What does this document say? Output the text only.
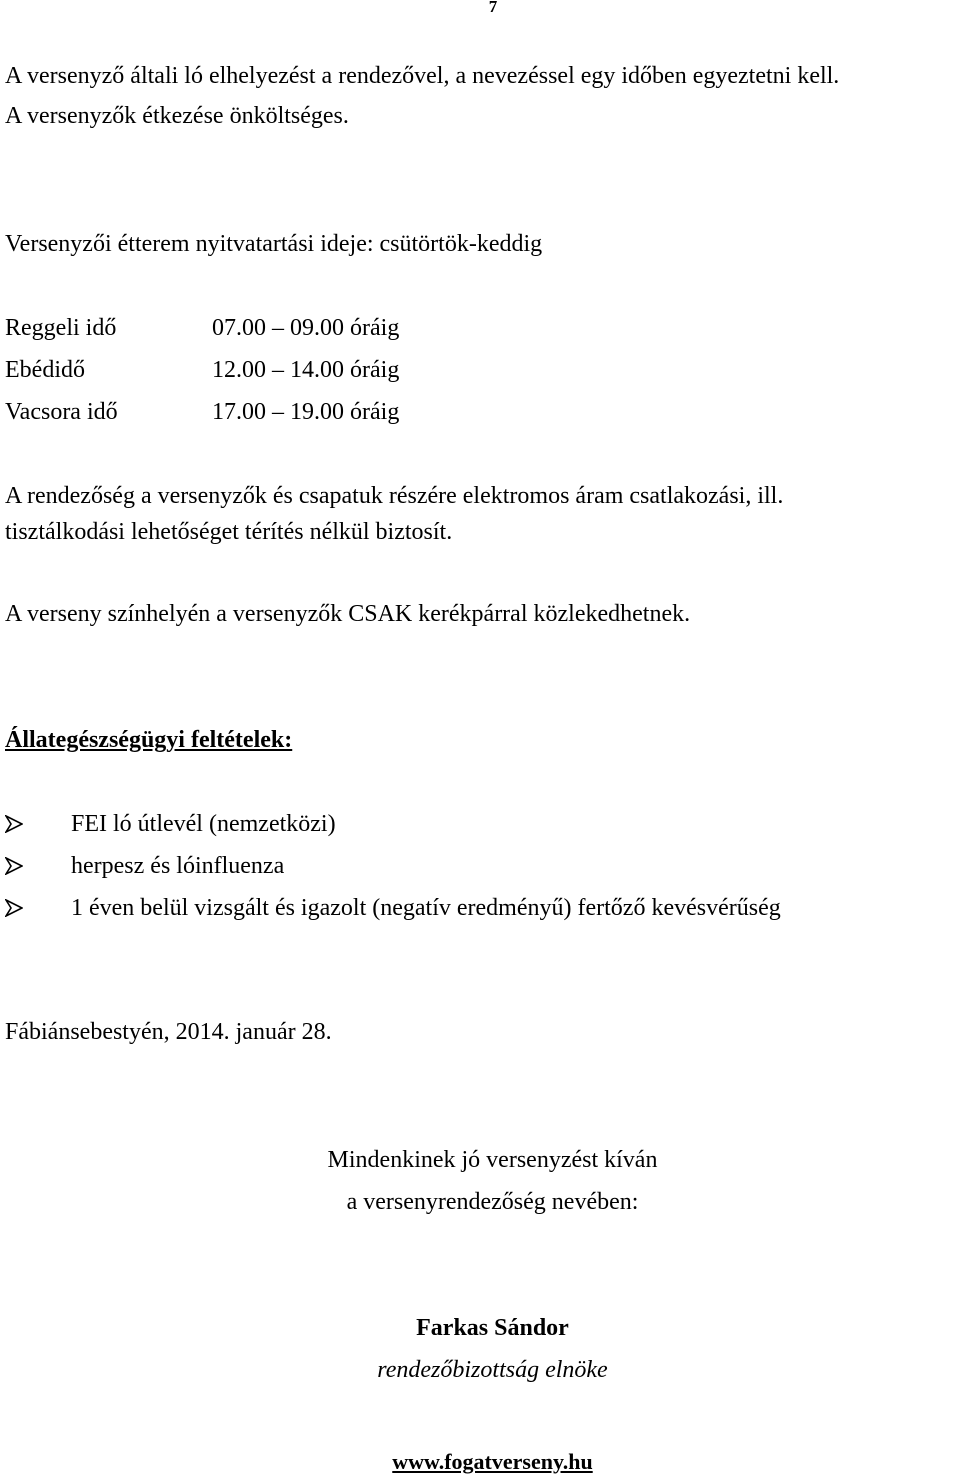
7
A versenyző általi ló elhelyezést a rendezővel, a nevezéssel egy időben egyeztetni kell.
A versenyzők étkezése önköltséges.
Versenyzői étterem nyitvatartási ideje: csütörtök-keddig
Reggeli idő	07.00 – 09.00 óráig
Ebédidő	12.00 – 14.00 óráig
Vacsora idő	17.00 – 19.00 óráig
A rendezőség a versenyzők és csapatuk részére elektromos áram csatlakozási, ill.
tisztálkodási lehetőséget térítés nélkül biztosít.
A verseny színhelyén a versenyzők CSAK kerékpárral közlekedhetnek.
Állategészségügyi feltételek:
FEI ló útlevél (nemzetközi)
herpesz és lóinfluenza
1 éven belül vizsgált és igazolt (negatív eredményű) fertőző kevésvérűség
Fábiánsebestyén, 2014. január 28.
Mindenkinek jó versenyzést kíván
a versenyrendezőség nevében:
Farkas Sándor
rendezőbizottság elnöke
www.fogatverseny.hu
